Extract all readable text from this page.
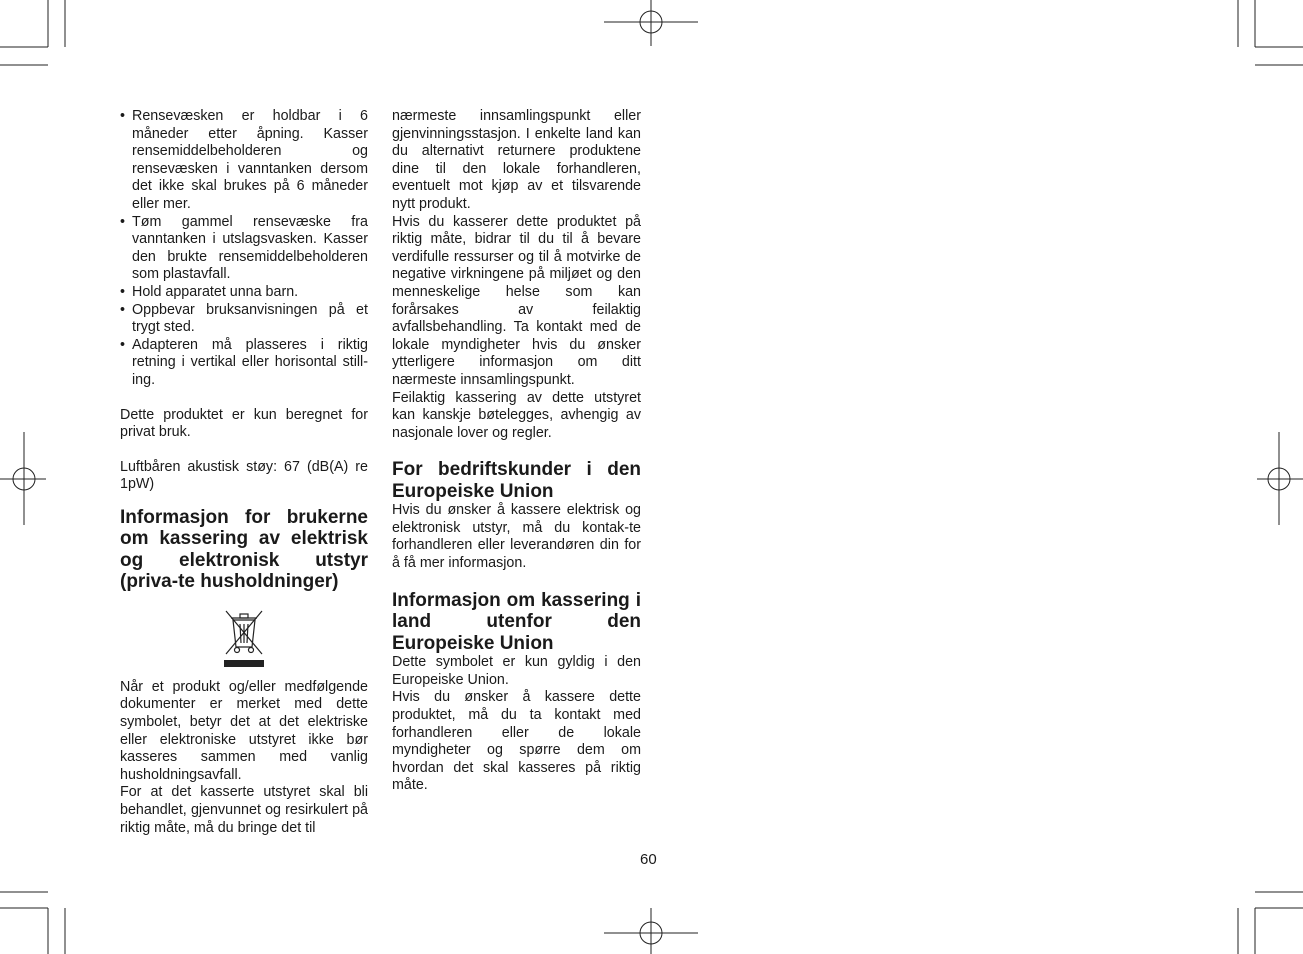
• Rensevæsken er holdbar i 6 måneder etter åpning. Kasser rensemiddelbeholderen og rensevæsken i vanntanken dersom det ikke skal brukes på 6 måneder eller mer.
• Tøm gammel rensevæske fra vanntanken i utslagsvasken. Kasser den brukte rensemiddelbeholderen som plastavfall.
• Hold apparatet unna barn.
• Oppbevar bruksanvisningen på et trygt sted.
• Adapteren må plasseres i riktig retning i vertikal eller horisontal still-ing.

Dette produktet er kun beregnet for privat bruk.

Luftbåren akustisk støy: 67 (dB(A) re 1pW)

Informasjon for brukerne om kassering av elektrisk og elektronisk utstyr (priva-te husholdninger)

Når et produkt og/eller medfølgende dokumenter er merket med dette symbolet, betyr det at det elektriske eller elektroniske utstyret ikke bør kasseres sammen med vanlig husholdningsavfall.

For at det kasserte utstyret skal bli behandlet, gjenvunnet og resirkulert på riktig måte, må du bringe det til

nærmeste innsamlingspunkt eller gjenvinningsstasjon. I enkelte land kan du alternativt returnere produktene dine til den lokale forhandleren, eventuelt mot kjøp av et tilsvarende nytt produkt.

Hvis du kasserer dette produktet på riktig måte, bidrar til du til å bevare verdifulle ressurser og til å motvirke de negative virkningene på miljøet og den menneskelige helse som kan forårsakes av feilaktig avfallsbehandling. Ta kontakt med de lokale myndigheter hvis du ønsker ytterligere informasjon om ditt nærmeste innsamlingspunkt.

Feilaktig kassering av dette utstyret kan kanskje bøtelegges, avhengig av nasjonale lover og regler.

For bedriftskunder i den Europeiske Union

Hvis du ønsker å kassere elektrisk og elektronisk utstyr, må du kontak-te forhandleren eller leverandøren din for å få mer informasjon.

Informasjon om kassering i land utenfor den Europeiske Union

Dette symbolet er kun gyldig i den Europeiske Union.

Hvis du ønsker å kassere dette produktet, må du ta kontakt med forhandleren eller de lokale myndigheter og spørre dem om hvordan det skal kasseres på riktig måte.

60
